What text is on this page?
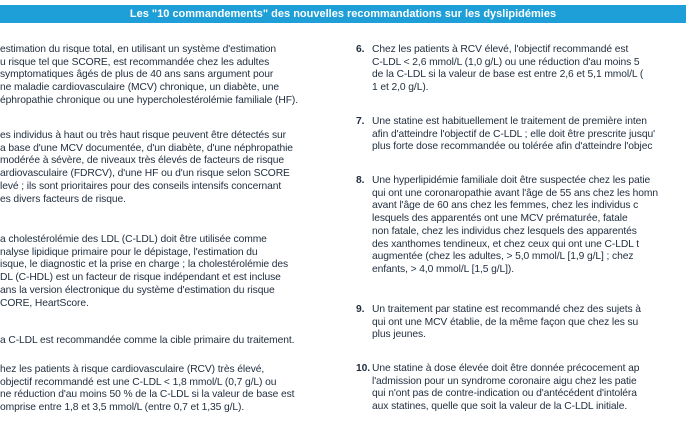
Les "10 commandements" des nouvelles recommandations sur les dyslipidémies
estimation du risque total, en utilisant un système d'estimation
u risque tel que SCORE, est recommandée chez les adultes
symptomatiques âgés de plus de 40 ans sans argument pour
ne maladie cardiovasculaire (MCV) chronique, un diabète, une
éphropathie chronique ou une hypercholestérolémie familiale (HF).
es individus à haut ou très haut risque peuvent être détectés sur
a base d'une MCV documentée, d'un diabète, d'une néphropathie
modérée à sévère, de niveaux très élevés de facteurs de risque
ardiovasculaire (FDRCV), d'une HF ou d'un risque selon SCORE
levé ; ils sont prioritaires pour des conseils intensifs concernant
es divers facteurs de risque.
a cholestérolémie des LDL (C-LDL) doit être utilisée comme
nalyse lipidique primaire pour le dépistage, l'estimation du
isque, le diagnostic et la prise en charge ; la cholestérolémie des
DL (C-HDL) est un facteur de risque indépendant et est incluse
ans la version électronique du système d'estimation du risque
CORE, HeartScore.
a C-LDL est recommandée comme la cible primaire du traitement.
hez les patients à risque cardiovasculaire (RCV) très élevé,
objectif recommandé est une C-LDL < 1,8 mmol/L (0,7 g/L) ou
ne réduction d'au moins 50 % de la C-LDL si la valeur de base est
omprise entre 1,8 et 3,5 mmol/L (entre 0,7 et 1,35 g/L).
6. Chez les patients à RCV élevé, l'objectif recommandé est
C-LDL < 2,6 mmol/L (1,0 g/L) ou une réduction d'au moins 5
de la C-LDL si la valeur de base est entre 2,6 et 5,1 mmol/L (
1 et 2,0 g/L).
7. Une statine est habituellement le traitement de première inten
afin d'atteindre l'objectif de C-LDL ; elle doit être prescrite jusqu'
plus forte dose recommandée ou tolérée afin d'atteindre l'objec
8. Une hyperlipidémie familiale doit être suspectée chez les patie
qui ont une coronaropathie avant l'âge de 55 ans chez les homn
avant l'âge de 60 ans chez les femmes, chez les individus c
lesquels des apparentés ont une MCV prématurée, fatale
non fatale, chez les individus chez lesquels des apparentés
des xanthomes tendineux, et chez ceux qui ont une C-LDL t
augmentée (chez les adultes, > 5,0 mmol/L [1,9 g/L] ; chez
enfants, > 4,0 mmol/L [1,5 g/L]).
9. Un traitement par statine est recommandé chez des sujets à
qui ont une MCV établie, de la même façon que chez les su
plus jeunes.
10. Une statine à dose élevée doit être donnée précocement ap
l'admission pour un syndrome coronaire aigu chez les patie
qui n'ont pas de contre-indication ou d'antécédent d'intoléra
aux statines, quelle que soit la valeur de la C-LDL initiale.
